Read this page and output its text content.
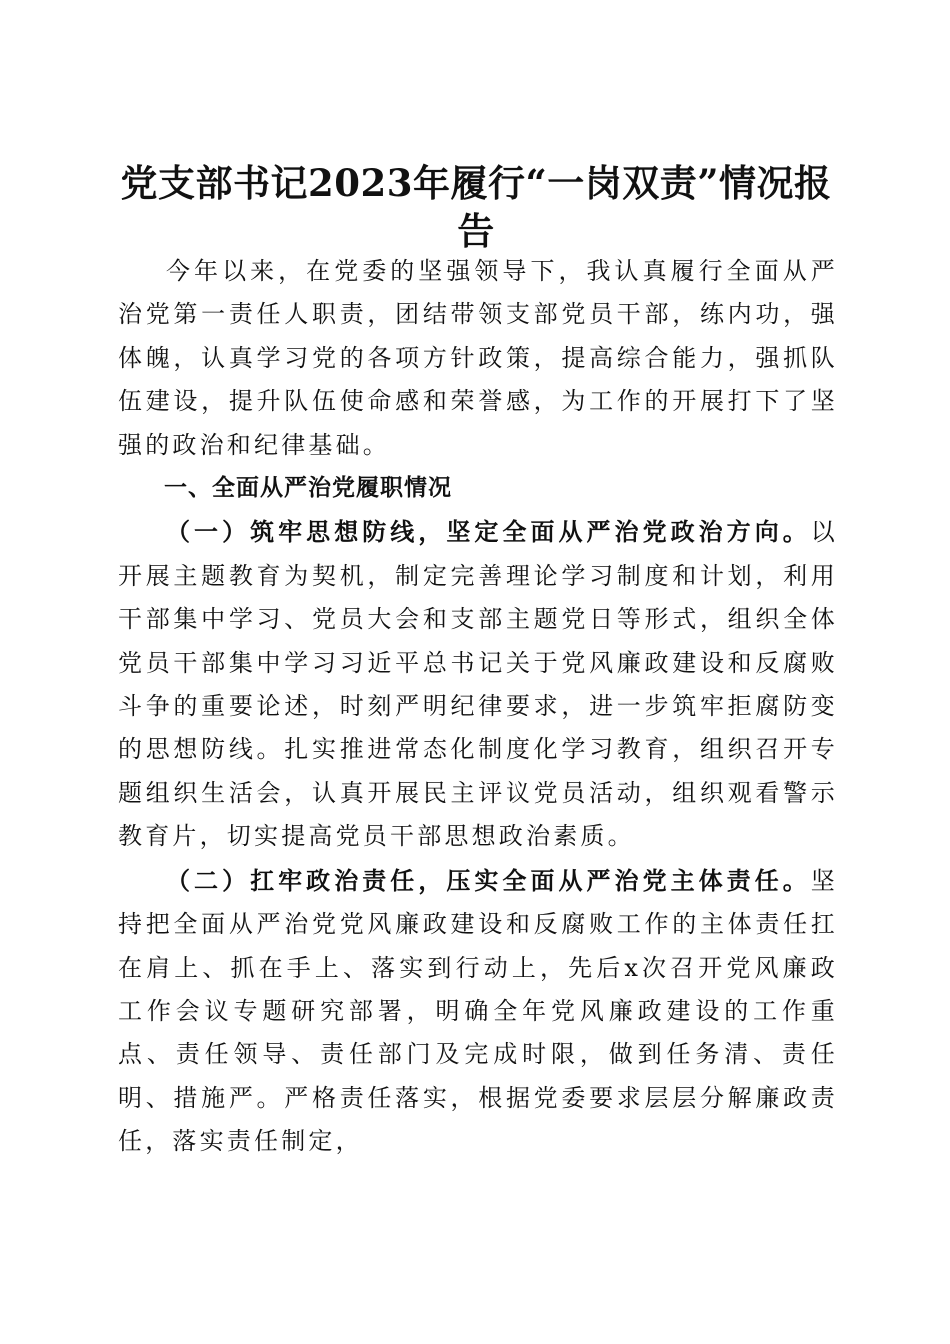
党支部书记2023年履行“一岗双责”情况报告

今年以来，在党委的坚强领导下，我认真履行全面从严治党第一责任人职责，团结带领支部党员干部，练内功，强体魄，认真学习党的各项方针政策，提高综合能力，强抓队伍建设，提升队伍使命感和荣誉感，为工作的开展打下了坚强的政治和纪律基础。

一、全面从严治党履职情况

（一）筑牢思想防线，坚定全面从严治党政治方向。以开展主题教育为契机，制定完善理论学习制度和计划，利用干部集中学习、党员大会和支部主题党日等形式，组织全体党员干部集中学习习近平总书记关于党风廉政建设和反腐败斗争的重要论述，时刻严明纪律要求，进一步筑牢拒腐防变的思想防线。扎实推进常态化制度化学习教育，组织召开专题组织生活会，认真开展民主评议党员活动，组织观看警示教育片，切实提高党员干部思想政治素质。

（二）扛牢政治责任，压实全面从严治党主体责任。坚持把全面从严治党党风廉政建设和反腐败工作的主体责任扛在肩上、抓在手上、落实到行动上，先后x次召开党风廉政工作会议专题研究部署，明确全年党风廉政建设的工作重点、责任领导、责任部门及完成时限，做到任务清、责任明、措施严。严格责任落实，根据党委要求层层分解廉政责任，落实责任制定，
